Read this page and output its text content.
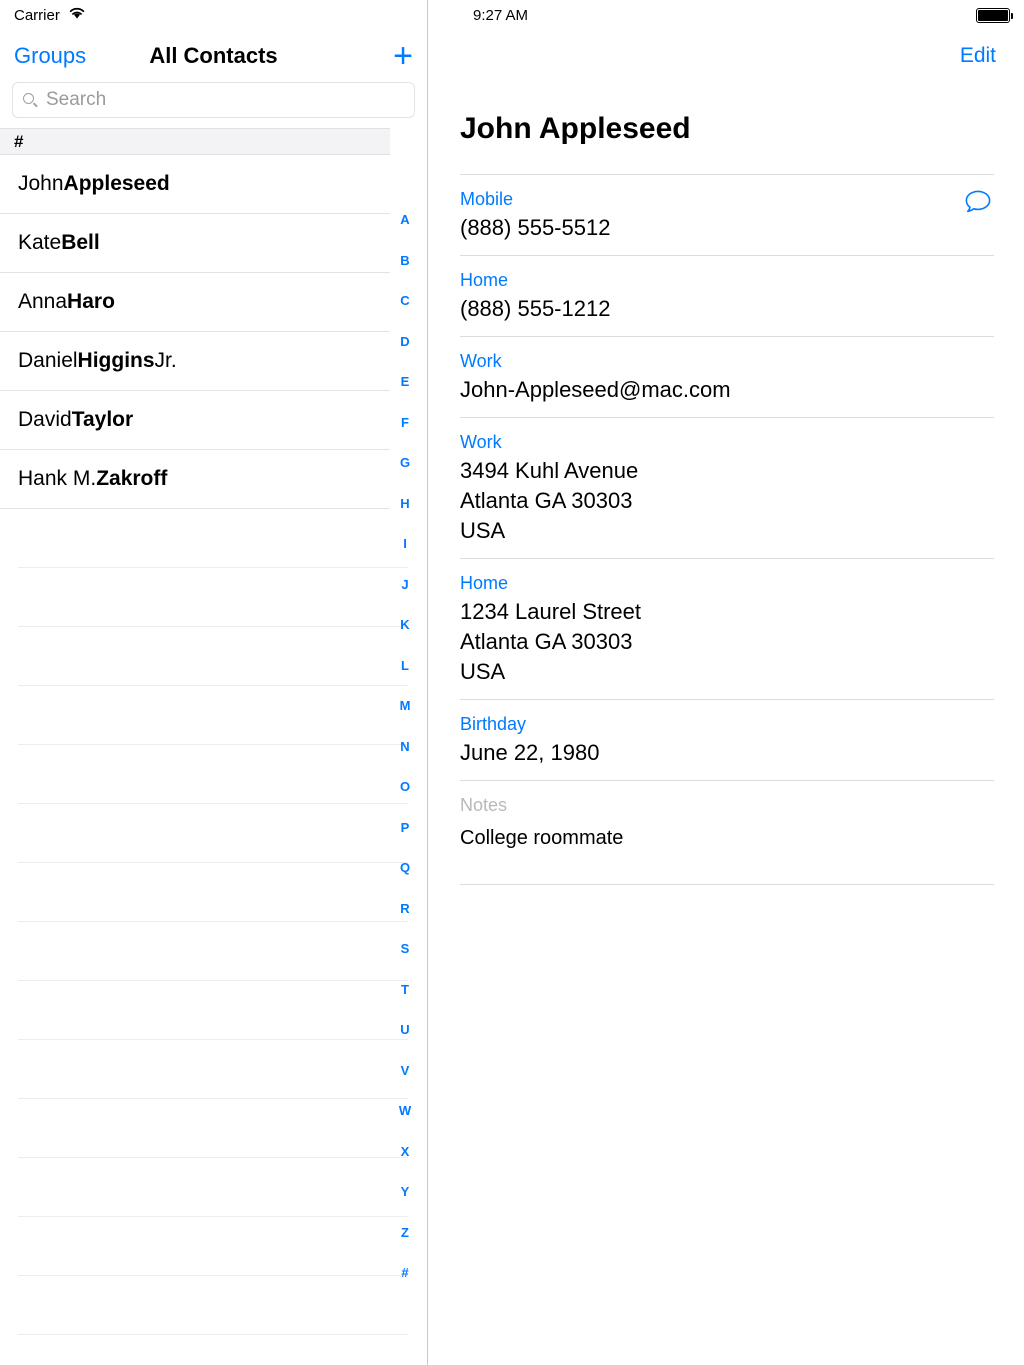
Carrier
Groups	All Contacts	+
Search
#
John Appleseed
Kate Bell
Anna Haro
Daniel Higgins Jr.
David Taylor
Hank M. Zakroff
A
B
C
D
E
F
G
H
I
J
K
L
M
N
O
P
Q
R
S
T
U
V
W
X
Y
Z
#
9:27 AM
Edit
John Appleseed
Mobile
(888) 555-5512
Home
(888) 555-1212
Work
John-Appleseed@mac.com
Work
3494 Kuhl Avenue
Atlanta GA 30303
USA
Home
1234 Laurel Street
Atlanta GA 30303
USA
Birthday
June 22, 1980
Notes
College roommate
